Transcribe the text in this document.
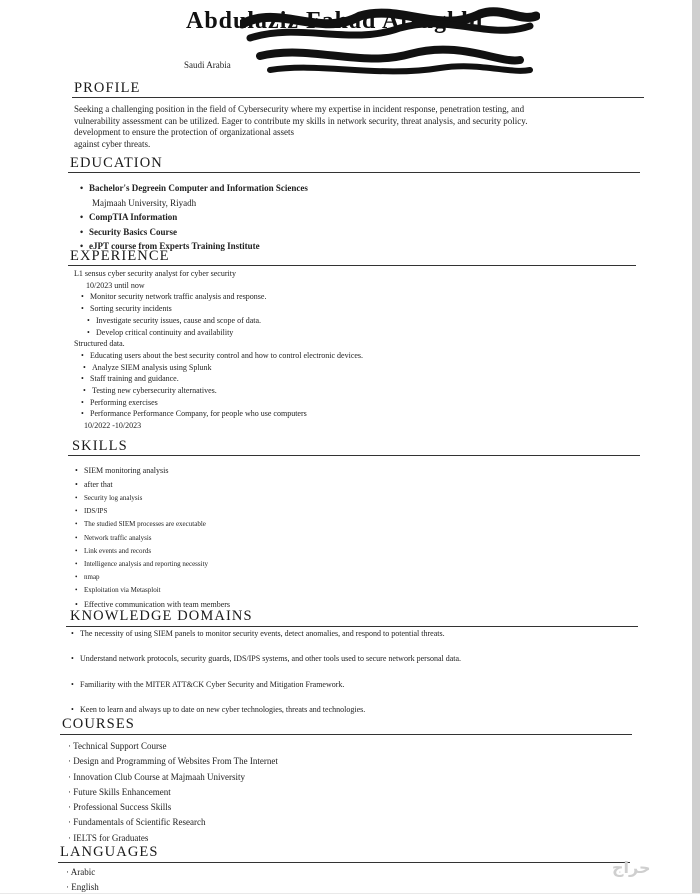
Abdulaziz Fahad Alzughbi
Saudi Arabia
PROFILE
Seeking a challenging position in the field of Cybersecurity where my expertise in incident response, penetration testing, and
vulnerability assessment can be utilized. Eager to contribute my skills in network security, threat analysis, and security policy.
development to ensure the protection of organizational assets
against cyber threats.
EDUCATION
• Bachelor's Degreein Computer and Information Sciences
Majmaah University, Riyadh
• CompTIA Information
• Security Basics Course
• eJPT course from Experts Training Institute
EXPERIENCE
L1 sensus cyber security analyst for cyber security
10/2023 until now
• Monitor security network traffic analysis and response.
• Sorting security incidents
• Investigate security issues, cause and scope of data.
• Develop critical continuity and availability
Structured data.
• Educating users about the best security control and how to control electronic devices.
• Analyze SIEM analysis using Splunk
• Staff training and guidance.
• Testing new cybersecurity alternatives.
• Performing exercises
• Performance Performance Company, for people who use computers
10/2022 -10/2023
SKILLS
• SIEM monitoring analysis
• after that
• Security log analysis
• IDS/IPS
• The studied SIEM processes are executable
• Network traffic analysis
• Link events and records
• Intelligence analysis and reporting necessity
• nmap
• Exploitation via Metasploit
• Effective communication with team members
KNOWLEDGE DOMAINS
• The necessity of using SIEM panels to monitor security events, detect anomalies, and respond to potential threats.
• Understand network protocols, security guards, IDS/IPS systems, and other tools used to secure network personal data.
• Familiarity with the MITER ATT&CK Cyber Security and Mitigation Framework.
• Keen to learn and always up to date on new cyber technologies, threats and technologies.
COURSES
· Technical Support Course
· Design and Programming of Websites From The Internet
· Innovation Club Course at Majmaah University
· Future Skills Enhancement
· Professional Success Skills
· Fundamentals of Scientific Research
· IELTS for Graduates
LANGUAGES
· Arabic
· English
حراج
